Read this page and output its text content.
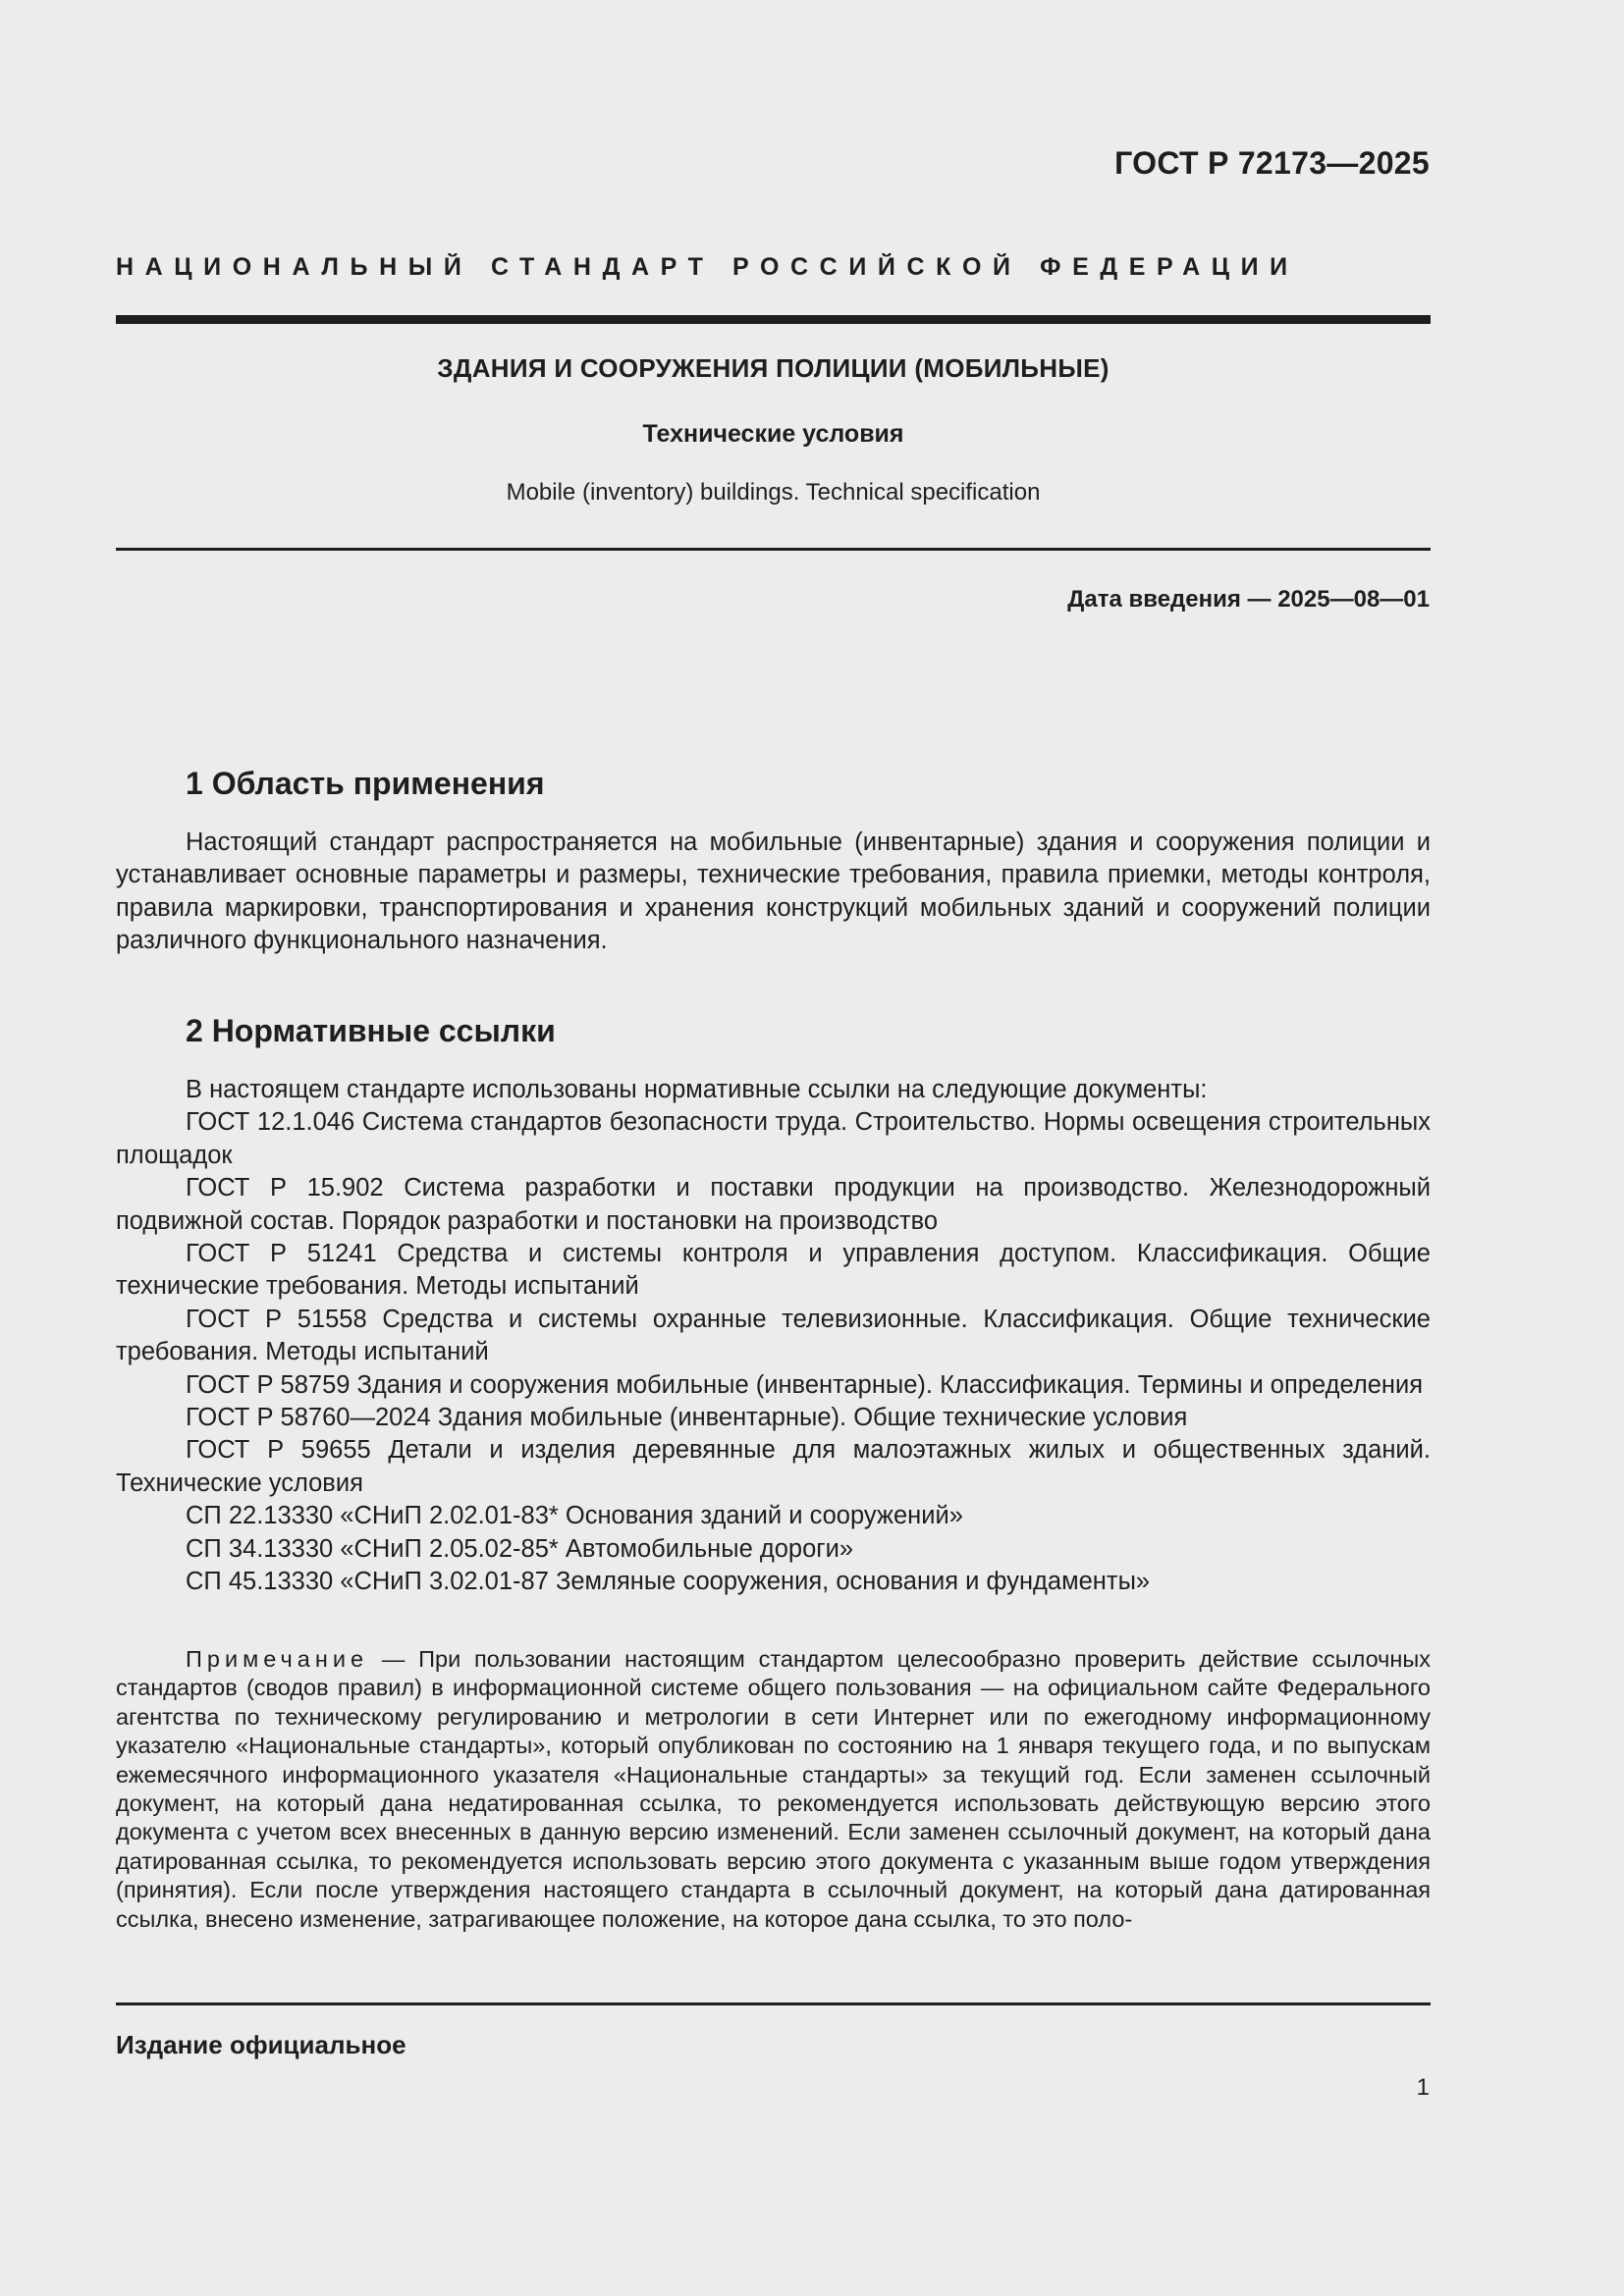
ГОСТ Р 72173—2025
НАЦИОНАЛЬНЫЙ СТАНДАРТ РОССИЙСКОЙ ФЕДЕРАЦИИ
ЗДАНИЯ И СООРУЖЕНИЯ ПОЛИЦИИ (МОБИЛЬНЫЕ)
Технические условия
Mobile (inventory) buildings. Technical specification
Дата введения — 2025—08—01
1 Область применения

Настоящий стандарт распространяется на мобильные (инвентарные) здания и сооружения полиции и устанавливает основные параметры и размеры, технические требования, правила приемки, методы контроля, правила маркировки, транспортирования и хранения конструкций мобильных зданий и сооружений полиции различного функционального назначения.

2 Нормативные ссылки

В настоящем стандарте использованы нормативные ссылки на следующие документы:

ГОСТ 12.1.046 Система стандартов безопасности труда. Строительство. Нормы освещения строительных площадок

ГОСТ Р 15.902 Система разработки и поставки продукции на производство. Железнодорожный подвижной состав. Порядок разработки и постановки на производство

ГОСТ Р 51241 Средства и системы контроля и управления доступом. Классификация. Общие технические требования. Методы испытаний

ГОСТ Р 51558 Средства и системы охранные телевизионные. Классификация. Общие технические требования. Методы испытаний

ГОСТ Р 58759 Здания и сооружения мобильные (инвентарные). Классификация. Термины и определения

ГОСТ Р 58760—2024 Здания мобильные (инвентарные). Общие технические условия

ГОСТ Р 59655 Детали и изделия деревянные для малоэтажных жилых и общественных зданий. Технические условия

СП 22.13330 «СНиП 2.02.01-83* Основания зданий и сооружений»

СП 34.13330 «СНиП 2.05.02-85* Автомобильные дороги»

СП 45.13330 «СНиП 3.02.01-87 Земляные сооружения, основания и фундаменты»

Примечание — При пользовании настоящим стандартом целесообразно проверить действие ссылочных стандартов (сводов правил) в информационной системе общего пользования — на официальном сайте Федерального агентства по техническому регулированию и метрологии в сети Интернет или по ежегодному информационному указателю «Национальные стандарты», который опубликован по состоянию на 1 января текущего года, и по выпускам ежемесячного информационного указателя «Национальные стандарты» за текущий год. Если заменен ссылочный документ, на который дана недатированная ссылка, то рекомендуется использовать действующую версию этого документа с учетом всех внесенных в данную версию изменений. Если заменен ссылочный документ, на который дана датированная ссылка, то рекомендуется использовать версию этого документа с указанным выше годом утверждения (принятия). Если после утверждения настоящего стандарта в ссылочный документ, на который дана датированная ссылка, внесено изменение, затрагивающее положение, на которое дана ссылка, то это поло-

Издание официальное
1
